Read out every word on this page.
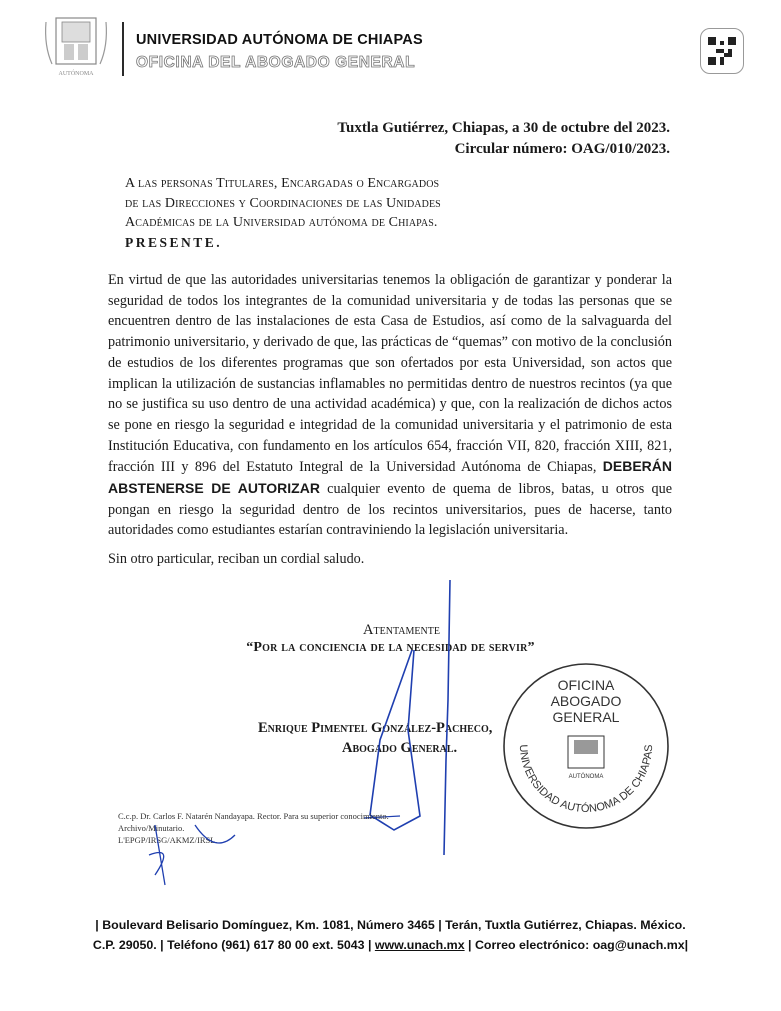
AUTÓNOMA
UNIVERSIDAD AUTÓNOMA DE CHIAPAS
OFICINA DEL ABOGADO GENERAL
Tuxtla Gutiérrez, Chiapas, a 30 de octubre del 2023.
Circular número: OAG/010/2023.
A las personas Titulares, Encargadas o Encargados
de las Direcciones y Coordinaciones de las Unidades
Académicas de la Universidad autónoma de Chiapas.
PRESENTE.
En virtud de que las autoridades universitarias tenemos la obligación de garantizar y ponderar la seguridad de todos los integrantes de la comunidad universitaria y de todas las personas que se encuentren dentro de las instalaciones de esta Casa de Estudios, así como de la salvaguarda del patrimonio universitario, y derivado de que, las prácticas de “quemas” con motivo de la conclusión de estudios de los diferentes programas que son ofertados por esta Universidad, son actos que implican la utilización de sustancias inflamables no permitidas dentro de nuestros recintos (ya que no se justifica su uso dentro de una actividad académica) y que, con la realización de dichos actos se pone en riesgo la seguridad e integridad de la comunidad universitaria y el patrimonio de esta Institución Educativa, con fundamento en los artículos 654, fracción VII, 820, fracción XIII, 821, fracción III y 896 del Estatuto Integral de la Universidad Autónoma de Chiapas, DEBERÁN ABSTENERSE DE AUTORIZAR cualquier evento de quema de libros, batas, u otros que pongan en riesgo la seguridad dentro de los recintos universitarios, pues de hacerse, tanto autoridades como estudiantes estarían contraviniendo la legislación universitaria.
Sin otro particular, reciban un cordial saludo.
Atentamente
“Por la conciencia de la necesidad de servir”
Enrique Pimentel González-Pacheco,
Abogado General.
OFICINA
ABOGADO
GENERAL
UNIVERSIDAD AUTÓNOMA DE CHIAPAS
AUTÓNOMA
C.c.p. Dr. Carlos F. Natarén Nandayapa. Rector. Para su superior conocimiento.
Archivo/Minutario.
L'EPGP/IRSG/AKMZ/IRSL.
| Boulevard Belisario Domínguez, Km. 1081, Número 3465 | Terán, Tuxtla Gutiérrez, Chiapas. México.
C.P. 29050. | Teléfono (961) 617 80 00 ext. 5043 | www.unach.mx | Correo electrónico: oag@unach.mx|
